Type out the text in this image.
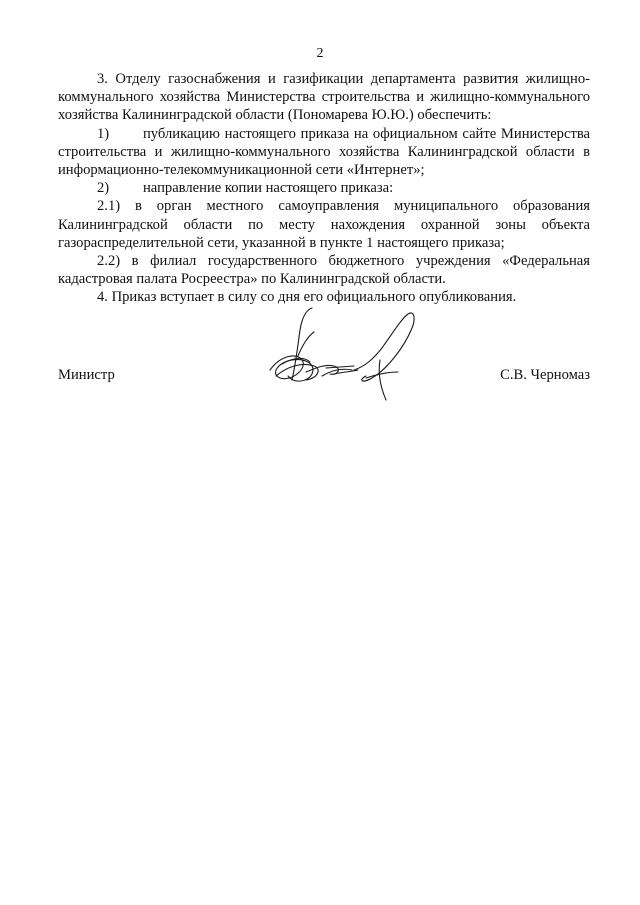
2

3. Отделу газоснабжения и газификации департамента развития жилищно-коммунального хозяйства Министерства строительства и жилищно-коммунального хозяйства Калининградской области (Пономарева Ю.Ю.) обеспечить:

1) публикацию настоящего приказа на официальном сайте Министерства строительства и жилищно-коммунального хозяйства Калининградской области в информационно-телекоммуникационной сети «Интернет»;

2) направление копии настоящего приказа:

2.1) в орган местного самоуправления муниципального образования Калининградской области по месту нахождения охранной зоны объекта газораспределительной сети, указанной в пункте 1 настоящего приказа;

2.2) в филиал государственного бюджетного учреждения «Федеральная кадастровая палата Росреестра» по Калининградской области.

4. Приказ вступает в силу со дня его официального опубликования.

Министр	С.В. Черномаз
